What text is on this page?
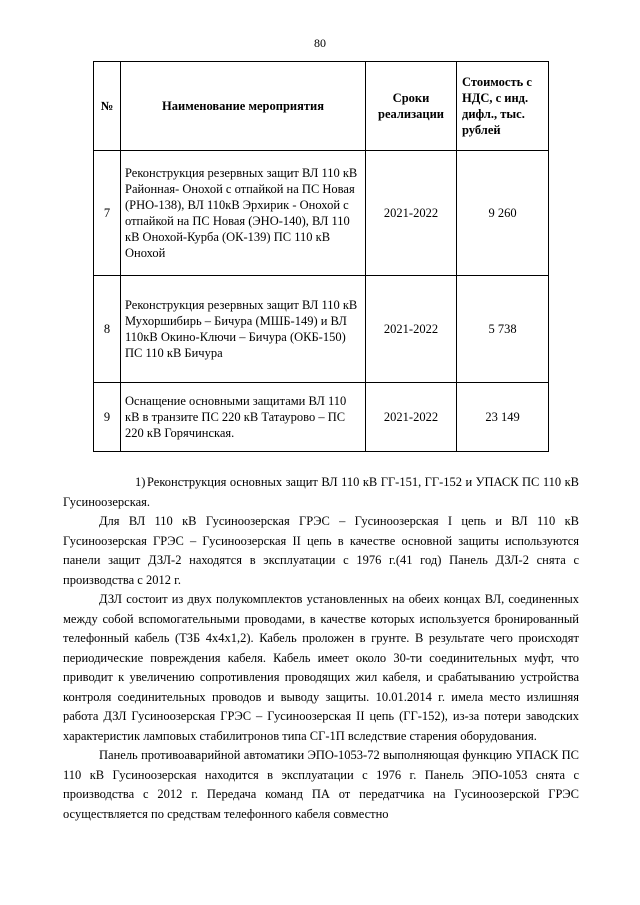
80
№	Наименование мероприятия	Сроки реализации	Стоимость с НДС, с инд. дифл., тыс. рублей
7	Реконструкция резервных защит ВЛ 110 кВ Районная- Онохой с отпайкой на ПС Новая (РНО-138), ВЛ 110кВ Эрхирик - Онохой с отпайкой на ПС Новая (ЭНО-140), ВЛ 110 кВ Онохой-Курба (ОК-139) ПС 110 кВ Онохой	2021-2022	9 260
8	Реконструкция резервных защит ВЛ 110 кВ Мухоршибирь – Бичура (МШБ-149) и ВЛ 110кВ Окино-Ключи – Бичура (ОКБ-150) ПС 110 кВ Бичура	2021-2022	5 738
9	Оснащение основными защитами ВЛ 110 кВ в транзите ПС 220 кВ Татаурово – ПС 220 кВ Горячинская.	2021-2022	23 149

1) Реконструкция основных защит ВЛ 110 кВ ГГ-151, ГГ-152 и УПАСК ПС 110 кВ Гусиноозерская.

Для ВЛ 110 кВ Гусиноозерская ГРЭС – Гусиноозерская I цепь и ВЛ 110 кВ Гусиноозерская ГРЭС – Гусиноозерская II цепь в качестве основной защиты используются панели защит ДЗЛ-2 находятся в эксплуатации с 1976 г.(41 год) Панель ДЗЛ-2 снята с производства с 2012 г.

ДЗЛ состоит из двух полукомплектов установленных на обеих концах ВЛ, соединенных между собой вспомогательными проводами, в качестве которых используется бронированный телефонный кабель (ТЗБ 4х4х1,2). Кабель проложен в грунте. В результате чего происходят периодические повреждения кабеля. Кабель имеет около 30-ти соединительных муфт, что приводит к увеличению сопротивления проводящих жил кабеля, и срабатыванию устройства контроля соединительных проводов и выводу защиты. 10.01.2014 г. имела место излишняя работа ДЗЛ Гусиноозерская ГРЭС – Гусиноозерская II цепь (ГГ-152), из-за потери заводских характеристик ламповых стабилитронов типа СГ-1П вследствие старения оборудования.

Панель противоаварийной автоматики ЭПО-1053-72 выполняющая функцию УПАСК ПС 110 кВ Гусиноозерская находится в эксплуатации с 1976 г. Панель ЭПО-1053 снята с производства с 2012 г. Передача команд ПА от передатчика на Гусиноозерской ГРЭС осуществляется по средствам телефонного кабеля совместно
